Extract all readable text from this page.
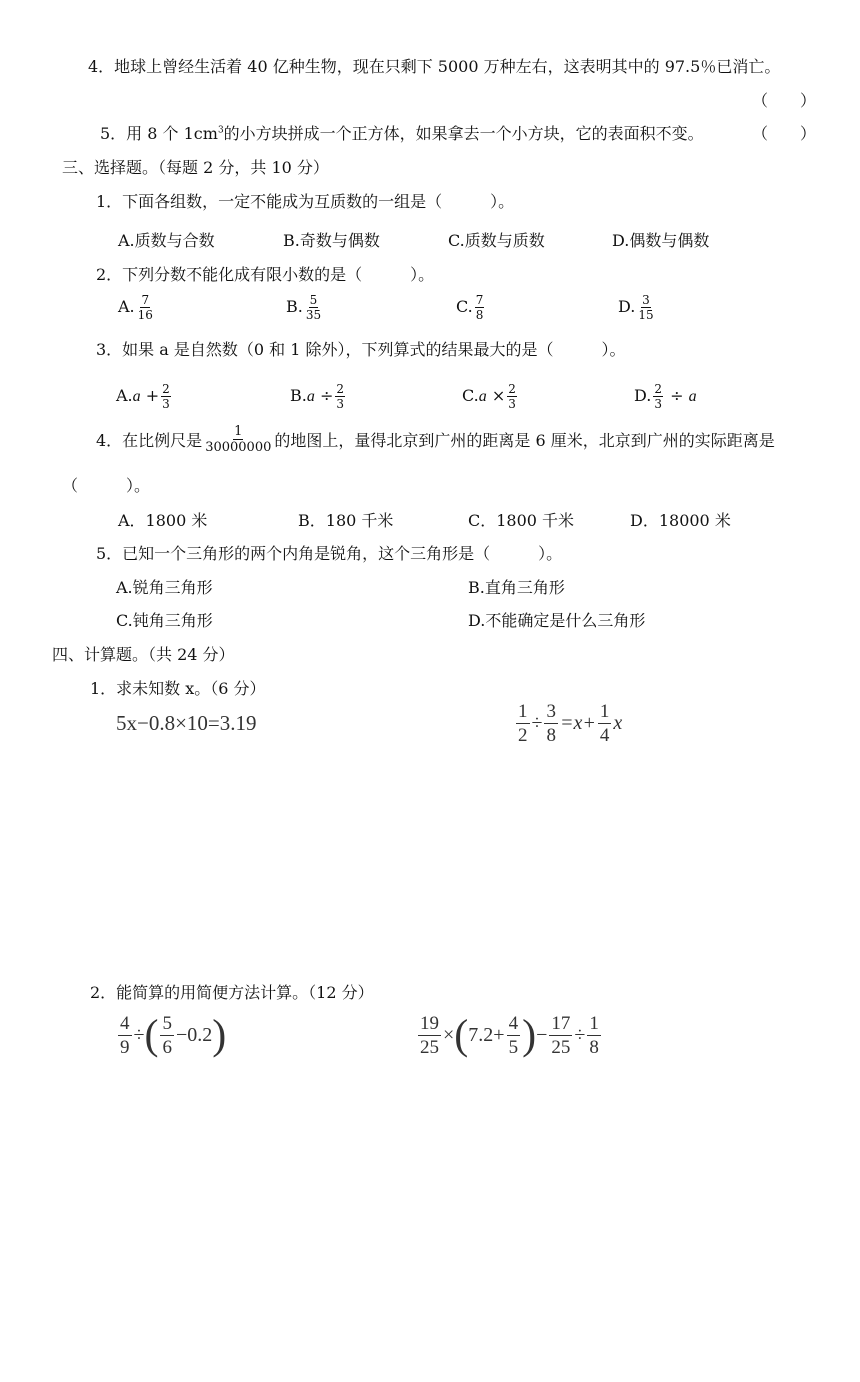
4．地球上曾经生活着 40 亿种生物，现在只剩下 5000 万种左右，这表明其中的 97.5％已消亡。
（　　）
5．用 8 个 $1cm^3$的小方块拼成一个正方体，如果拿去一个小方块，它的表面积不变。	（　　）
三、选择题。（每题 2 分，共 10 分）
1．下面各组数，一定不能成为互质数的一组是（　　　）。
A.质数与合数	B.奇数与偶数	C.质数与质数	D.偶数与偶数
2．下列分数不能化成有限小数的是（　　　）。
A. $\frac{7}{16}$	B. $\frac{5}{35}$	C. $\frac{7}{8}$	D. $\frac{3}{15}$
3．如果 a 是自然数（0 和 1 除外），下列算式的结果最大的是（　　　）。
$A.a + \frac{2}{3}$	$B.a \div \frac{2}{3}$	$C.a \times \frac{2}{3}$	D. $\frac{2}{3} \div a$
4．在比例尺是 $\frac{1}{30000000}$ 的地图上，量得北京到广州的距离是 6 厘米，北京到广州的实际距离是
（　　　）。
A．1800 米	B．180 千米	C．1800 千米	D．18000 米
5．已知一个三角形的两个内角是锐角，这个三角形是（　　　）。
A.锐角三角形	B.直角三角形
C.钝角三角形	D.不能确定是什么三角形
四、计算题。（共 24 分）
1．求未知数 x。（6 分）
5x−0.8×10=3.19	$\frac{1}{2} \div \frac{3}{8} =x+ \frac{1}{4}$ x
2．能简算的用简便方法计算。（12 分）
$\frac{4}{9}$ ÷( $\frac{5}{6} -0.2$)	$\frac{19}{25} \times(7.2+ \frac{4}{5}$ )− $\frac{17}{25} \div \frac{1}{8}$
